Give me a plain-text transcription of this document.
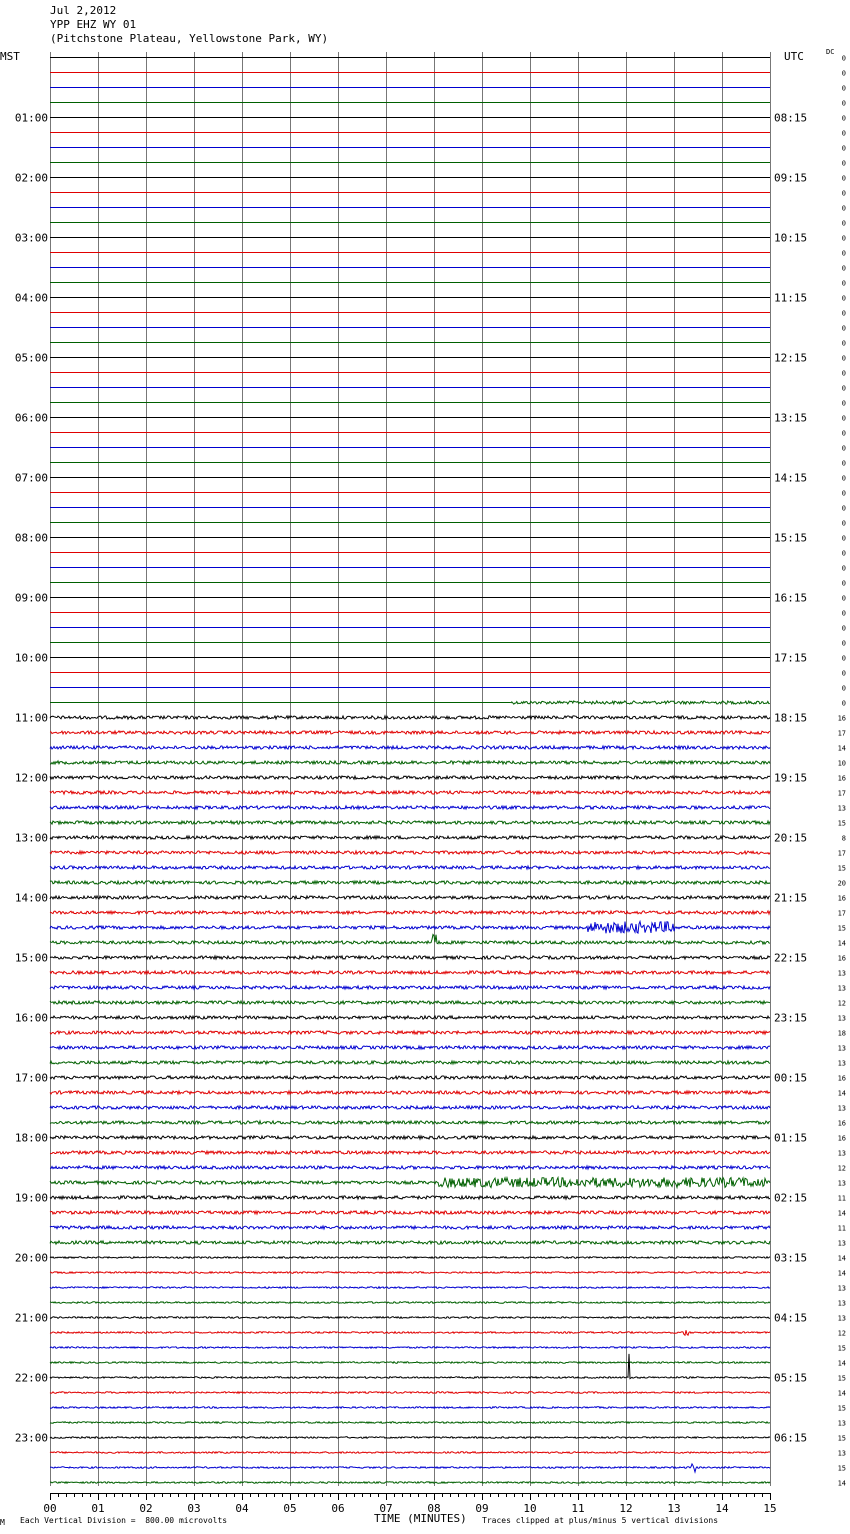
Jul 2,2012
YPP EHZ WY 01
(Pitchstone Plateau, Yellowstone Park, WY)
MST	UTC	DC
0
0
0
0
0
0
0
0
0
0
0
0
0
0
0
0
0
0
0
0
0
0
0
0
0
0
0
0
0
0
0
0
0
0
0
0
0
0
0
0
0
0
0
0
16
17
14
10
16
17
13
15
8
17
15
20
16
17
15
14
16
13
13
12
13
18
13
13
16
14
13
16
16
13
12
13
11
14
11
13
14
14
13
13
13
12
15
14
15
14
15
13
15
13
15
14
01:00
02:00
03:00
04:00
05:00
06:00
07:00
08:00
09:00
10:00
11:00
12:00
13:00
14:00
15:00
16:00
17:00
18:00
19:00
20:00
21:00
22:00
23:00
08:15
09:15
10:15
11:15
12:15
13:15
14:15
15:15
16:15
17:15
18:15
19:15
20:15
21:15
22:15
23:15
00:15
01:15
02:15
03:15
04:15
05:15
06:15
00	01	02	03	04	05	06	07	08	09	10	11	12	13	14	15
M Each Vertical Division =  800.00 microvolts	TIME (MINUTES) Traces clipped at plus/minus 5 vertical divisions
